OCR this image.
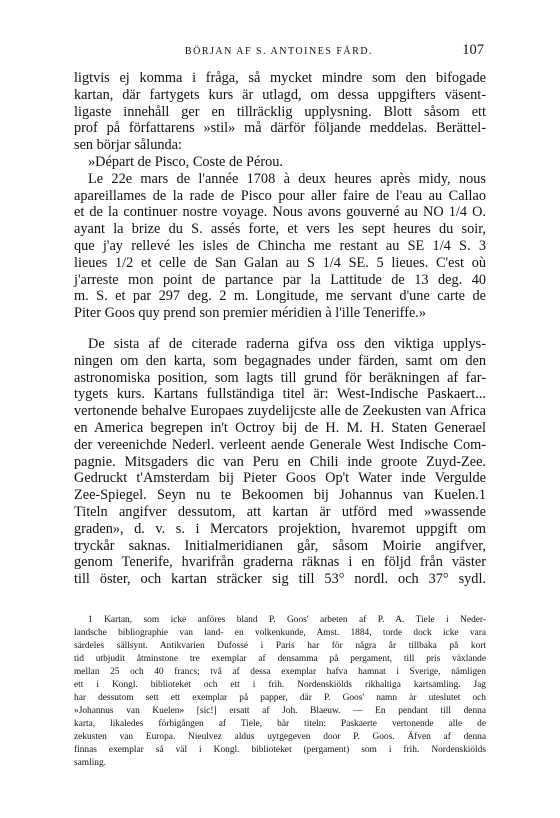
BÖRJAN AF S. ANTOINES FÄRD.	107
ligtvis ej komma i fråga, så mycket mindre som den bifogade
kartan, där fartygets kurs är utlagd, om dessa uppgifters väsent-
ligaste innehåll ger en tillräcklig upplysning. Blott såsom ett
prof på författarens »stil» må därför följande meddelas. Berättel-
sen börjar sålunda:
»Départ de Pisco, Coste de Pérou.
Le 22e mars de l'année 1708 à deux heures après midy, nous
apareillames de la rade de Pisco pour aller faire de l'eau au Callao
et de la continuer nostre voyage. Nous avons gouverné au NO 1/4 O.
ayant la brize du S. assés forte, et vers les sept heures du soir,
que j'ay rellevé les isles de Chincha me restant au SE 1/4 S. 3
lieues 1/2 et celle de San Galan au S 1/4 SE. 5 lieues. C'est où
j'arreste mon point de partance par la Lattitude de 13 deg. 40
m. S. et par 297 deg. 2 m. Longitude, me servant d'une carte de
Piter Goos quy prend son premier méridien à l'ille Teneriffe.»
De sista af de citerade raderna gifva oss den viktiga upplys-
ningen om den karta, som begagnades under färden, samt om den
astronomiska position, som lagts till grund för beräkningen af far-
tygets kurs. Kartans fullständiga titel är: West-Indische Paskaert...
vertonende behalve Europaes zuydelijcste alle de Zeekusten van Africa
en America begrepen in't Octroy bij de H. M. H. Staten Generael
der vereenichde Nederl. verleent aende Generale West Indische Com-
pagnie. Mitsgaders dic van Peru en Chili inde groote Zuyd-Zee.
Gedruckt t'Amsterdam bij Pieter Goos Op't Water inde Vergulde
Zee-Spiegel. Seyn nu te Bekoomen bij Johannus van Kuelen.1
Titeln angifver dessutom, att kartan är utförd med »wassende
graden», d. v. s. i Mercators projektion, hvaremot uppgift om
tryckår saknas. Initialmeridianen går, såsom Moirie angifver,
genom Tenerife, hvarifrån graderna räknas i en följd från väster
till öster, och kartan sträcker sig till 53° nordl. och 37° sydl.
1 Kartan, som icke anföres bland P. Goos' arbeten af P. A. Tiele i Neder-
landsche bibliographie van land- en volkenkunde, Amst. 1884, torde dock icke vara
särdeles sällsynt. Antikvarien Dufossé i Paris har för några år tillbaka på kort
tid utbjudit åtminstone tre exemplar af densamma på pergament, till pris växlande
mellan 25 och 40 francs; två af dessa exemplar hafva hamnat i Sverige, nämligen
ett i Kongl. biblioteket och ett i frih. Nordenskiölds rikhaltiga kartsamling. Jag
har dessutom sett ett exemplar på papper, där P. Goos' namn är uteslutet och
»Johannus van Kuelen» [sic!] ersatt af Joh. Blaeuw. — En pendant till denna
karta, likaledes förbigången af Tiele, bär titeln: Paskaerte vertonende alle de
zekusten van Europa. Nieulvez aldus uytgegeven door P. Goos. Äfven af denna
finnas exemplar så väl i Kongl. biblioteket (pergament) som i frih. Nordenskiölds
samling.
